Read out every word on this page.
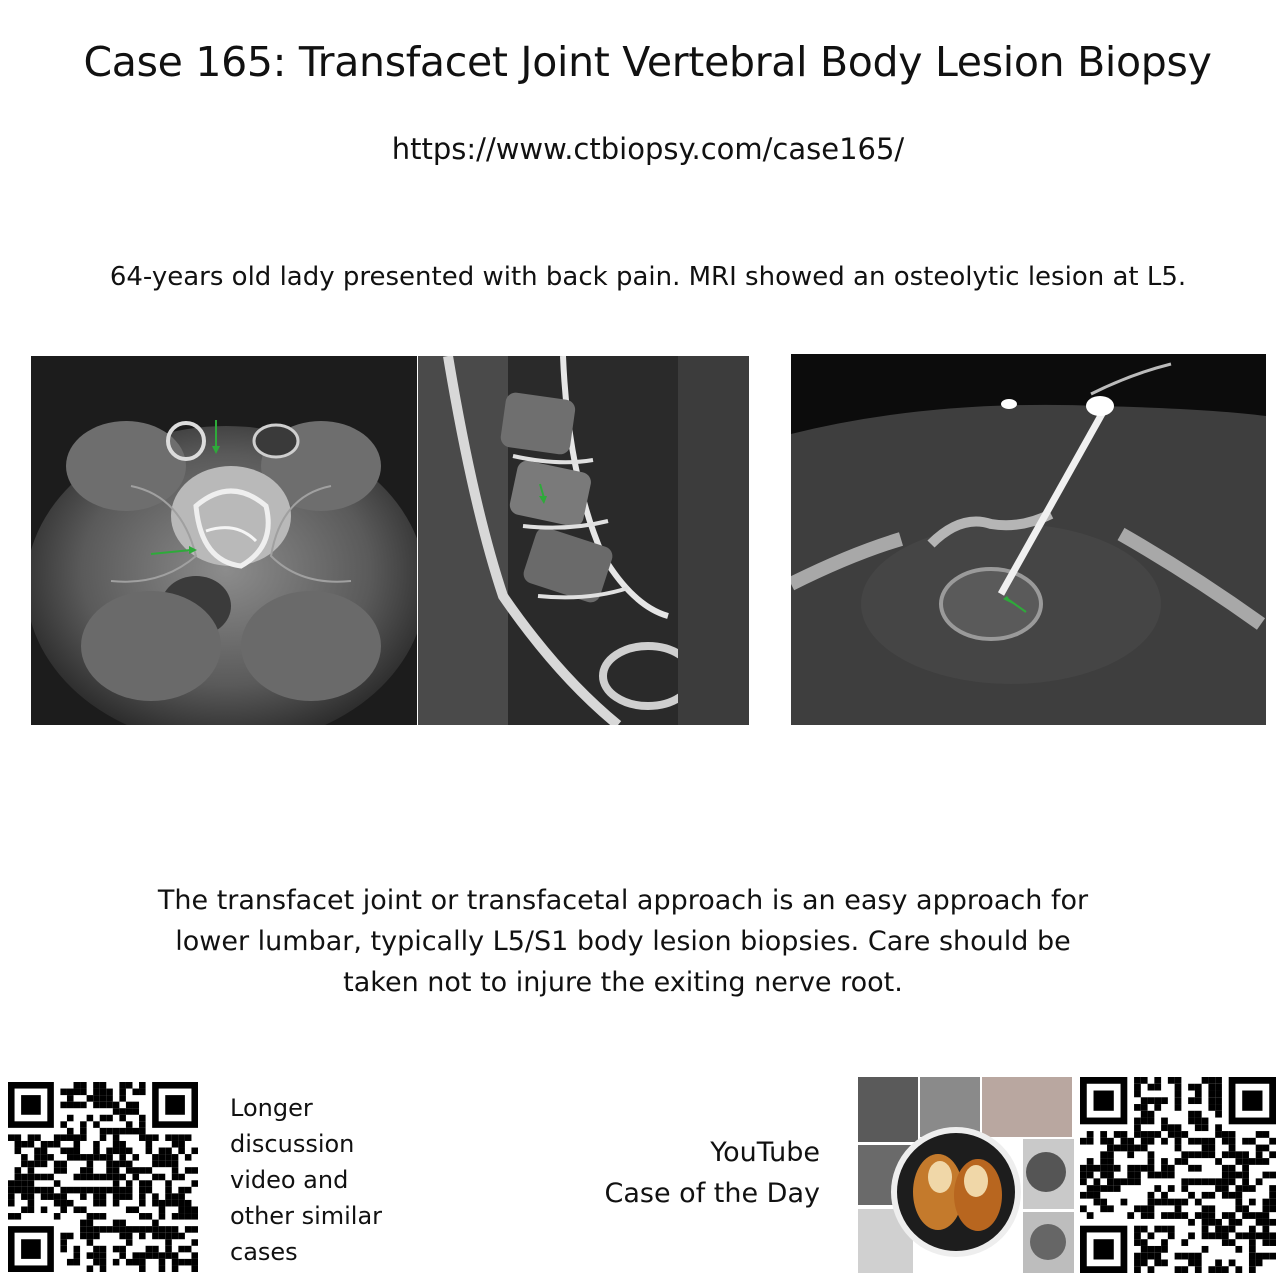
Case 165: Transfacet Joint Vertebral Body Lesion Biopsy
https://www.ctbiopsy.com/case165/
64-years old lady presented with back pain. MRI showed an osteolytic lesion at L5.
The transfacet joint or transfacetal approach is an easy approach for
lower lumbar, typically L5/S1 body lesion biopsies. Care should be
taken not to injure the exiting nerve root.
Longer
discussion
video and
other similar
cases
YouTube
Case of the Day
